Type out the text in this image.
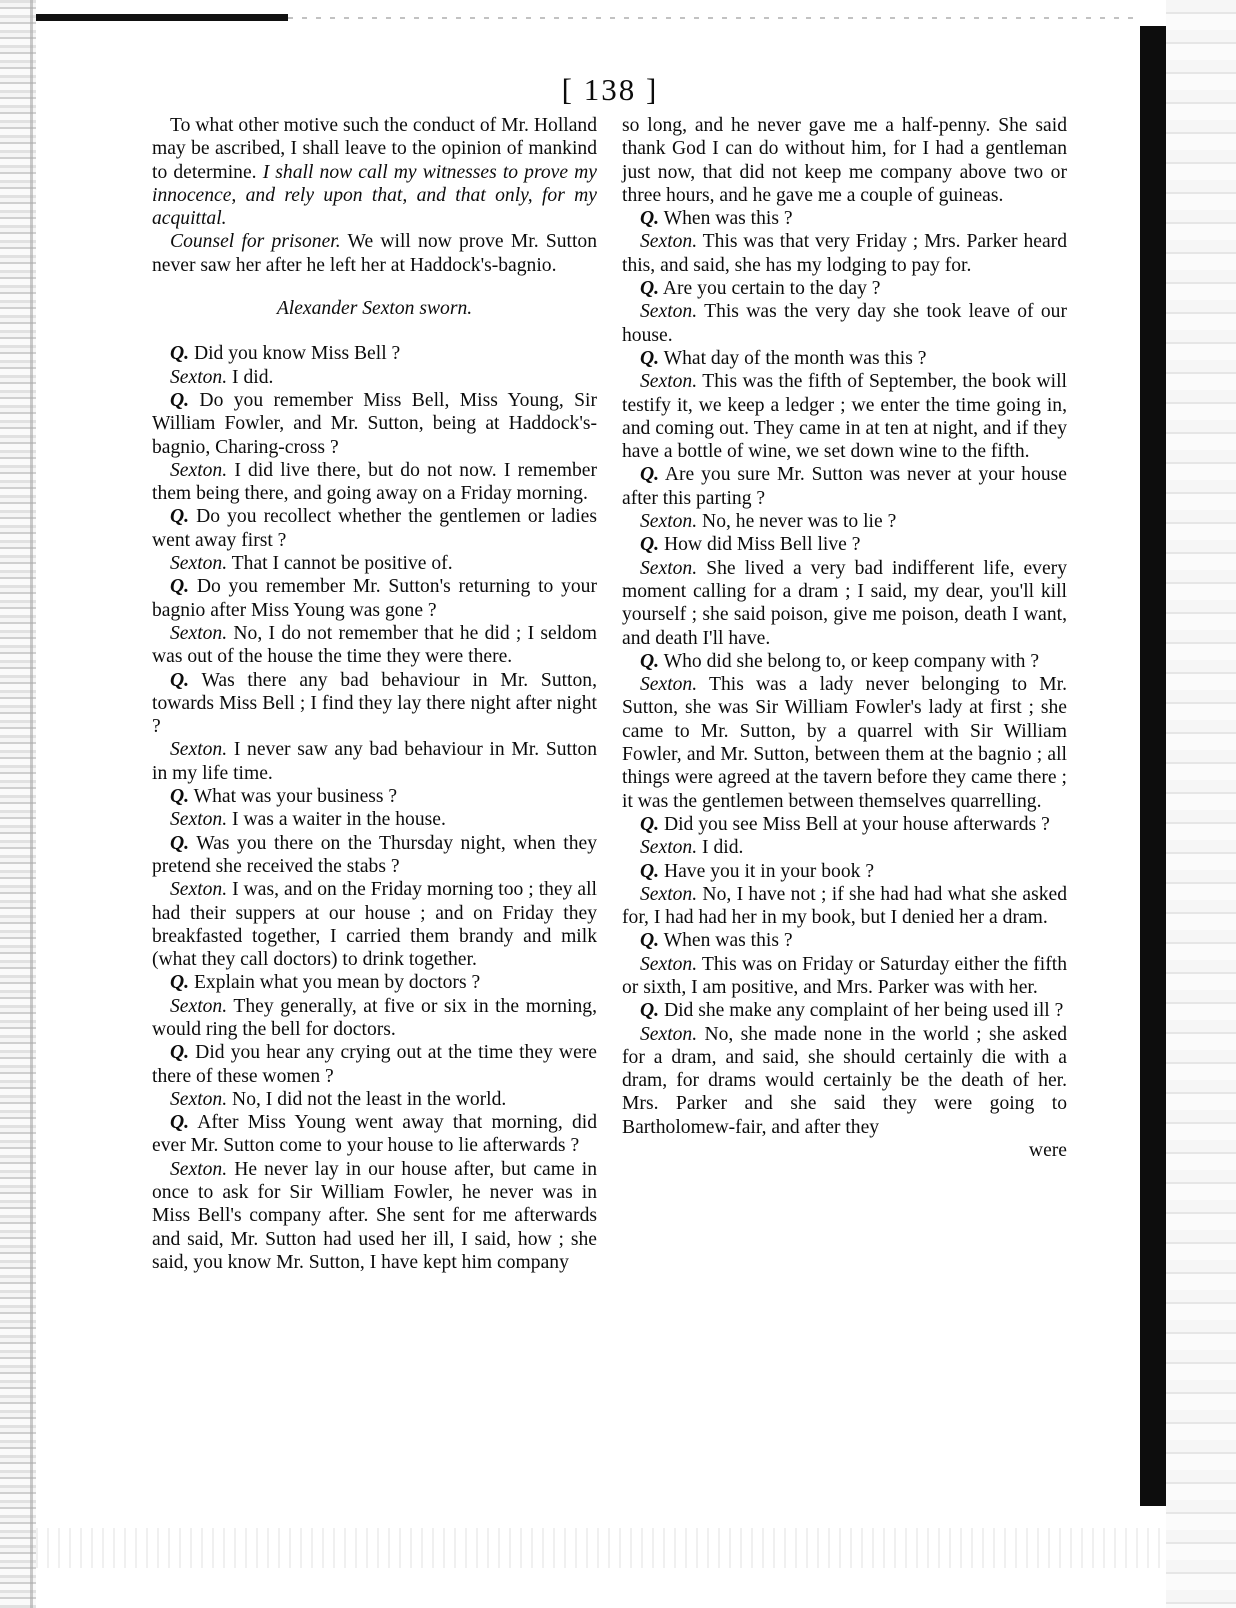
[ 138 ]

To what other motive such the conduct of Mr. Holland may be ascribed, I shall leave to the opinion of mankind to determine. I shall now call my witnesses to prove my innocence, and rely upon that, and that only, for my acquittal.

Counsel for prisoner. We will now prove Mr. Sutton never saw her after he left her at Haddock's-bagnio.

Alexander Sexton sworn.

Q. Did you know Miss Bell ?

Sexton. I did.

Q. Do you remember Miss Bell, Miss Young, Sir William Fowler, and Mr. Sutton, being at Haddock's-bagnio, Charing-cross ?

Sexton. I did live there, but do not now. I remember them being there, and going away on a Friday morning.

Q. Do you recollect whether the gentlemen or ladies went away first ?

Sexton. That I cannot be positive of.

Q. Do you remember Mr. Sutton's returning to your bagnio after Miss Young was gone ?

Sexton. No, I do not remember that he did ; I seldom was out of the house the time they were there.

Q. Was there any bad behaviour in Mr. Sutton, towards Miss Bell ; I find they lay there night after night ?

Sexton. I never saw any bad behaviour in Mr. Sutton in my life time.

Q. What was your business ?

Sexton. I was a waiter in the house.

Q. Was you there on the Thursday night, when they pretend she received the stabs ?

Sexton. I was, and on the Friday morning too ; they all had their suppers at our house ; and on Friday they breakfasted together, I carried them brandy and milk (what they call doctors) to drink together.

Q. Explain what you mean by doctors ?

Sexton. They generally, at five or six in the morning, would ring the bell for doctors.

Q. Did you hear any crying out at the time they were there of these women ?

Sexton. No, I did not the least in the world.

Q. After Miss Young went away that morning, did ever Mr. Sutton come to your house to lie afterwards ?

Sexton. He never lay in our house after, but came in once to ask for Sir William Fowler, he never was in Miss Bell's company after. She sent for me afterwards and said, Mr. Sutton had used her ill, I said, how ; she said, you know Mr. Sutton, I have kept him company

so long, and he never gave me a half-penny. She said thank God I can do without him, for I had a gentleman just now, that did not keep me company above two or three hours, and he gave me a couple of guineas.

Q. When was this ?

Sexton. This was that very Friday ; Mrs. Parker heard this, and said, she has my lodging to pay for.

Q. Are you certain to the day ?

Sexton. This was the very day she took leave of our house.

Q. What day of the month was this ?

Sexton. This was the fifth of September, the book will testify it, we keep a ledger ; we enter the time going in, and coming out. They came in at ten at night, and if they have a bottle of wine, we set down wine to the fifth.

Q. Are you sure Mr. Sutton was never at your house after this parting ?

Sexton. No, he never was to lie ?

Q. How did Miss Bell live ?

Sexton. She lived a very bad indifferent life, every moment calling for a dram ; I said, my dear, you'll kill yourself ; she said poison, give me poison, death I want, and death I'll have.

Q. Who did she belong to, or keep company with ?

Sexton. This was a lady never belonging to Mr. Sutton, she was Sir William Fowler's lady at first ; she came to Mr. Sutton, by a quarrel with Sir William Fowler, and Mr. Sutton, between them at the bagnio ; all things were agreed at the tavern before they came there ; it was the gentlemen between themselves quarrelling.

Q. Did you see Miss Bell at your house afterwards ?

Sexton. I did.

Q. Have you it in your book ?

Sexton. No, I have not ; if she had had what she asked for, I had had her in my book, but I denied her a dram.

Q. When was this ?

Sexton. This was on Friday or Saturday either the fifth or sixth, I am positive, and Mrs. Parker was with her.

Q. Did she make any complaint of her being used ill ?

Sexton. No, she made none in the world ; she asked for a dram, and said, she should certainly die with a dram, for drams would certainly be the death of her. Mrs. Parker and she said they were going to Bartholomew-fair, and after they

were
